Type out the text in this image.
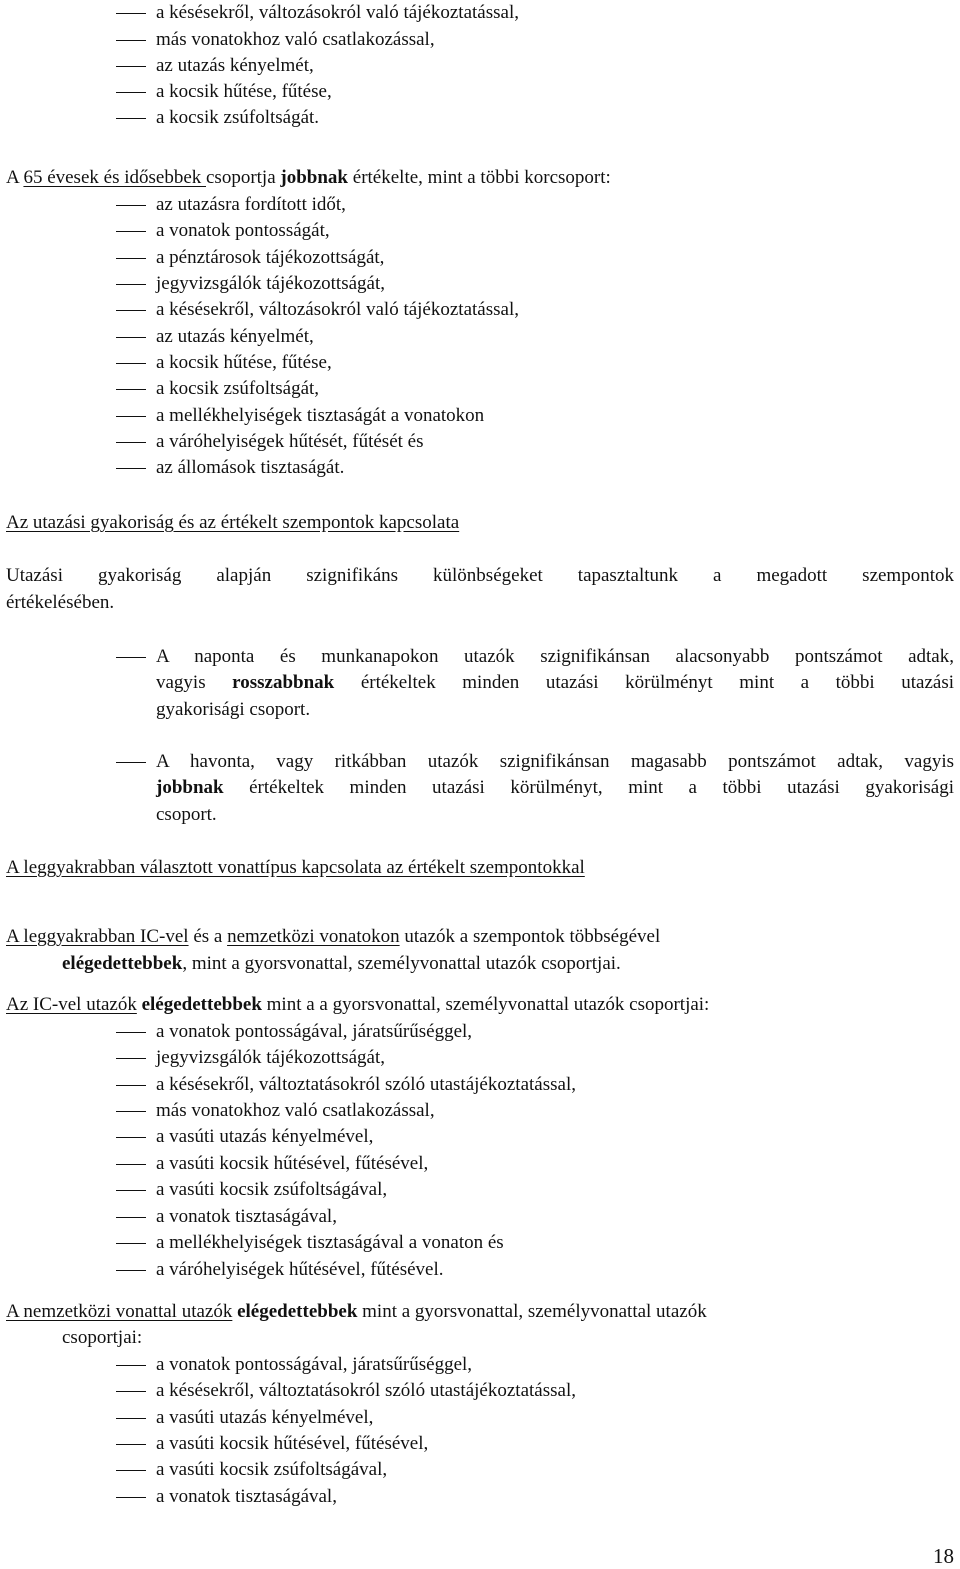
a késésekről, változásokról való tájékoztatással,
más vonatokhoz való csatlakozással,
az utazás kényelmét,
a kocsik hűtése, fűtése,
a kocsik zsúfoltságát.
A 65 évesek és idősebbek csoportja jobbnak értékelte, mint a többi korcsoport:
az utazásra fordított időt,
a vonatok pontosságát,
a pénztárosok tájékozottságát,
jegyvizsgálók tájékozottságát,
a késésekről, változásokról való tájékoztatással,
az utazás kényelmét,
a kocsik hűtése, fűtése,
a kocsik zsúfoltságát,
a mellékhelyiségek tisztaságát a vonatokon
a váróhelyiségek hűtését, fűtését és
az állomások tisztaságát.
Az utazási gyakoriság és az értékelt szempontok kapcsolata
Utazási gyakoriság alapján szignifikáns különbségeket tapasztaltunk a megadott szempontok
értékelésében.
A naponta és munkanapokon utazók szignifikánsan alacsonyabb pontszámot adtak,
vagyis rosszabbnak értékeltek minden utazási körülményt mint a többi utazási
gyakorisági csoport.
A havonta, vagy ritkábban utazók szignifikánsan magasabb pontszámot adtak, vagyis
jobbnak értékeltek minden utazási körülményt, mint a többi utazási gyakorisági
csoport.
A leggyakrabban választott vonattípus kapcsolata az értékelt szempontokkal
A leggyakrabban IC-vel és a nemzetközi vonatokon utazók a szempontok többségével
elégedettebbek, mint a gyorsvonattal, személyvonattal utazók csoportjai.
Az IC-vel utazók elégedettebbek mint a a gyorsvonattal, személyvonattal utazók csoportjai:
a vonatok pontosságával, járatsűrűséggel,
jegyvizsgálók tájékozottságát,
a késésekről, változtatásokról szóló utastájékoztatással,
más vonatokhoz való csatlakozással,
a vasúti utazás kényelmével,
a vasúti kocsik hűtésével, fűtésével,
a vasúti kocsik zsúfoltságával,
a vonatok tisztaságával,
a mellékhelyiségek tisztaságával a vonaton és
a váróhelyiségek hűtésével, fűtésével.
A nemzetközi vonattal utazók elégedettebbek mint a gyorsvonattal, személyvonattal utazók
csoportjai:
a vonatok pontosságával, járatsűrűséggel,
a késésekről, változtatásokról szóló utastájékoztatással,
a vasúti utazás kényelmével,
a vasúti kocsik hűtésével, fűtésével,
a vasúti kocsik zsúfoltságával,
a vonatok tisztaságával,
18
